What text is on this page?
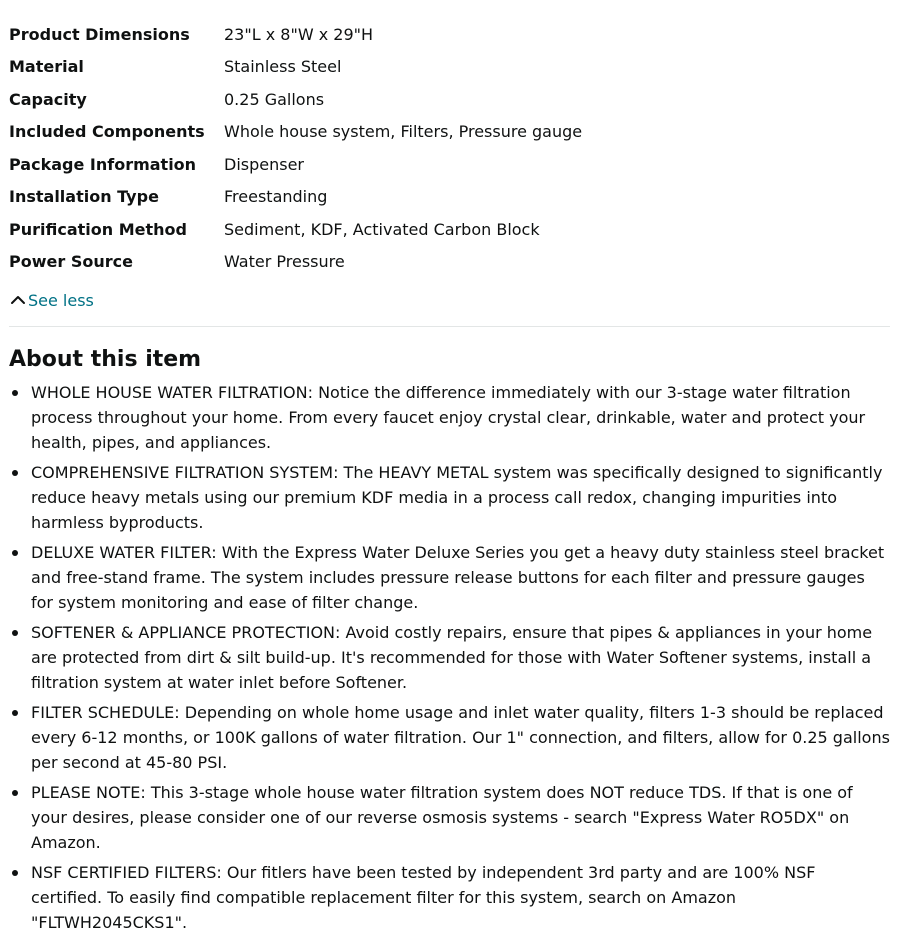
Product Dimensions	23"L x 8"W x 29"H
Material	Stainless Steel
Capacity	0.25 Gallons
Included Components	Whole house system, Filters, Pressure gauge
Package Information	Dispenser
Installation Type	Freestanding
Purification Method	Sediment, KDF, Activated Carbon Block
Power Source	Water Pressure
See less
About this item
WHOLE HOUSE WATER FILTRATION: Notice the difference immediately with our 3-stage water filtration process throughout your home. From every faucet enjoy crystal clear, drinkable, water and protect your health, pipes, and appliances.
COMPREHENSIVE FILTRATION SYSTEM: The HEAVY METAL system was specifically designed to significantly reduce heavy metals using our premium KDF media in a process call redox, changing impurities into harmless byproducts.
DELUXE WATER FILTER: With the Express Water Deluxe Series you get a heavy duty stainless steel bracket and free-stand frame. The system includes pressure release buttons for each filter and pressure gauges for system monitoring and ease of filter change.
SOFTENER & APPLIANCE PROTECTION: Avoid costly repairs, ensure that pipes & appliances in your home are protected from dirt & silt build-up. It's recommended for those with Water Softener systems, install a filtration system at water inlet before Softener.
FILTER SCHEDULE: Depending on whole home usage and inlet water quality, filters 1-3 should be replaced every 6-12 months, or 100K gallons of water filtration. Our 1" connection, and filters, allow for 0.25 gallons per second at 45-80 PSI.
PLEASE NOTE: This 3-stage whole house water filtration system does NOT reduce TDS. If that is one of your desires, please consider one of our reverse osmosis systems - search "Express Water RO5DX" on Amazon.
NSF CERTIFIED FILTERS: Our fitlers have been tested by independent 3rd party and are 100% NSF certified. To easily find compatible replacement filter for this system, search on Amazon "FLTWH2045CKS1".
